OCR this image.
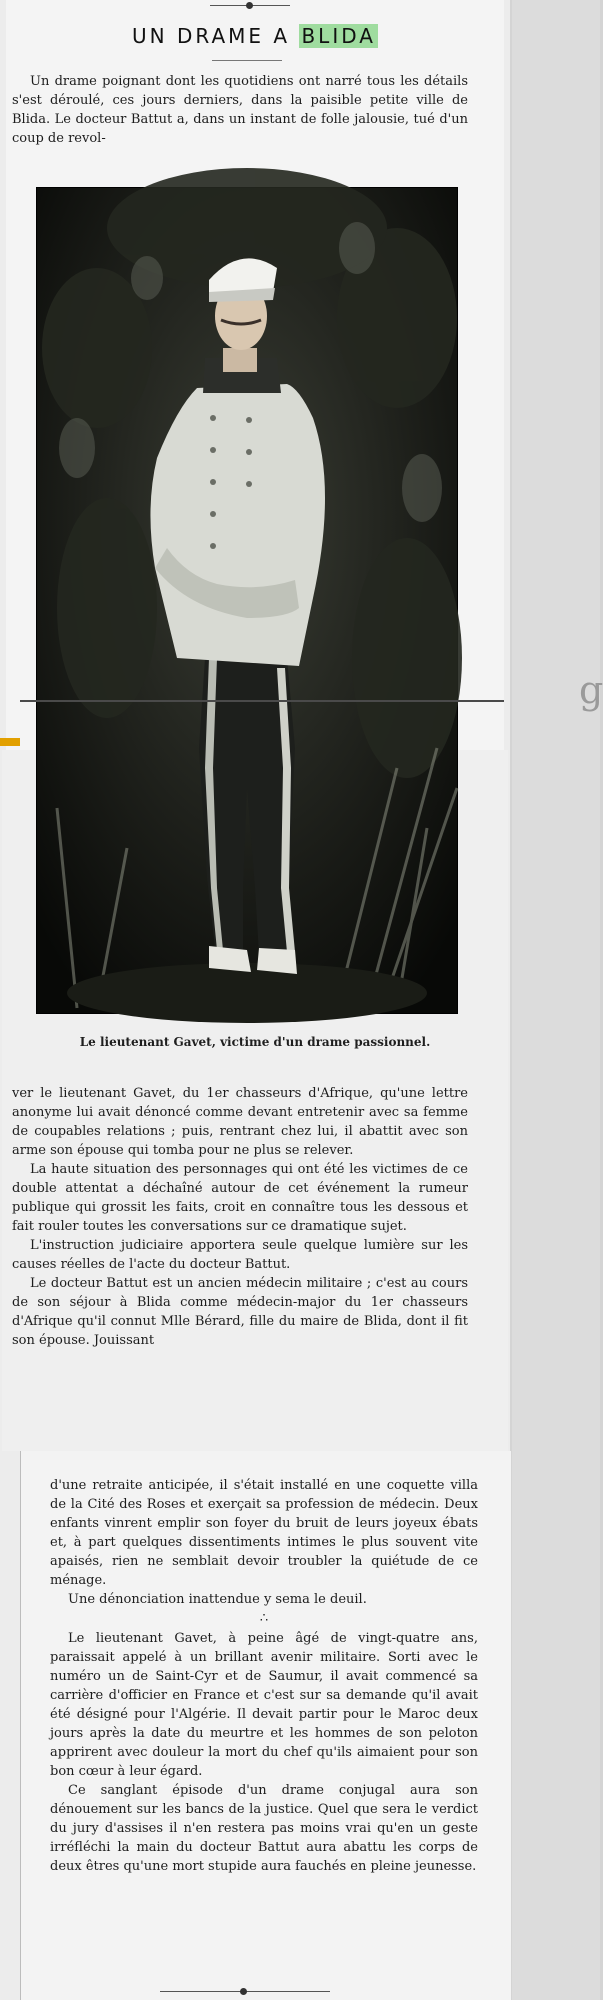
g
UN DRAME A BLIDA

Un drame poignant dont les quotidiens ont narré tous les détails s'est déroulé, ces jours derniers, dans la paisible petite ville de Blida. Le docteur Battut a, dans un instant de folle jalousie, tué d'un coup de revol-

Le lieutenant Gavet, victime d'un drame passionnel.

ver le lieutenant Gavet, du 1er chasseurs d'Afrique, qu'une lettre anonyme lui avait dénoncé comme devant entretenir avec sa femme de coupables relations ; puis, rentrant chez lui, il abattit avec son arme son épouse qui tomba pour ne plus se relever.

La haute situation des personnages qui ont été les victimes de ce double attentat a déchaîné autour de cet événement la rumeur publique qui grossit les faits, croit en connaître tous les dessous et fait rouler toutes les conversations sur ce dramatique sujet.

L'instruction judiciaire apportera seule quelque lumière sur les causes réelles de l'acte du docteur Battut.

Le docteur Battut est un ancien médecin militaire ; c'est au cours de son séjour à Blida comme médecin-major du 1er chasseurs d'Afrique qu'il connut Mlle Bérard, fille du maire de Blida, dont il fit son épouse. Jouissant

d'une retraite anticipée, il s'était installé en une coquette villa de la Cité des Roses et exerçait sa profession de médecin. Deux enfants vinrent emplir son foyer du bruit de leurs joyeux ébats et, à part quelques dissentiments intimes le plus souvent vite apaisés, rien ne semblait devoir troubler la quiétude de ce ménage.

Une dénonciation inattendue y sema le deuil.

∴

Le lieutenant Gavet, à peine âgé de vingt-quatre ans, paraissait appelé à un brillant avenir militaire. Sorti avec le numéro un de Saint-Cyr et de Saumur, il avait commencé sa carrière d'officier en France et c'est sur sa demande qu'il avait été désigné pour l'Algérie. Il devait partir pour le Maroc deux jours après la date du meurtre et les hommes de son peloton apprirent avec douleur la mort du chef qu'ils aimaient pour son bon cœur à leur égard.

Ce sanglant épisode d'un drame conjugal aura son dénouement sur les bancs de la justice. Quel que sera le verdict du jury d'assises il n'en restera pas moins vrai qu'en un geste irréfléchi la main du docteur Battut aura abattu les corps de deux êtres qu'une mort stupide aura fauchés en pleine jeunesse.
